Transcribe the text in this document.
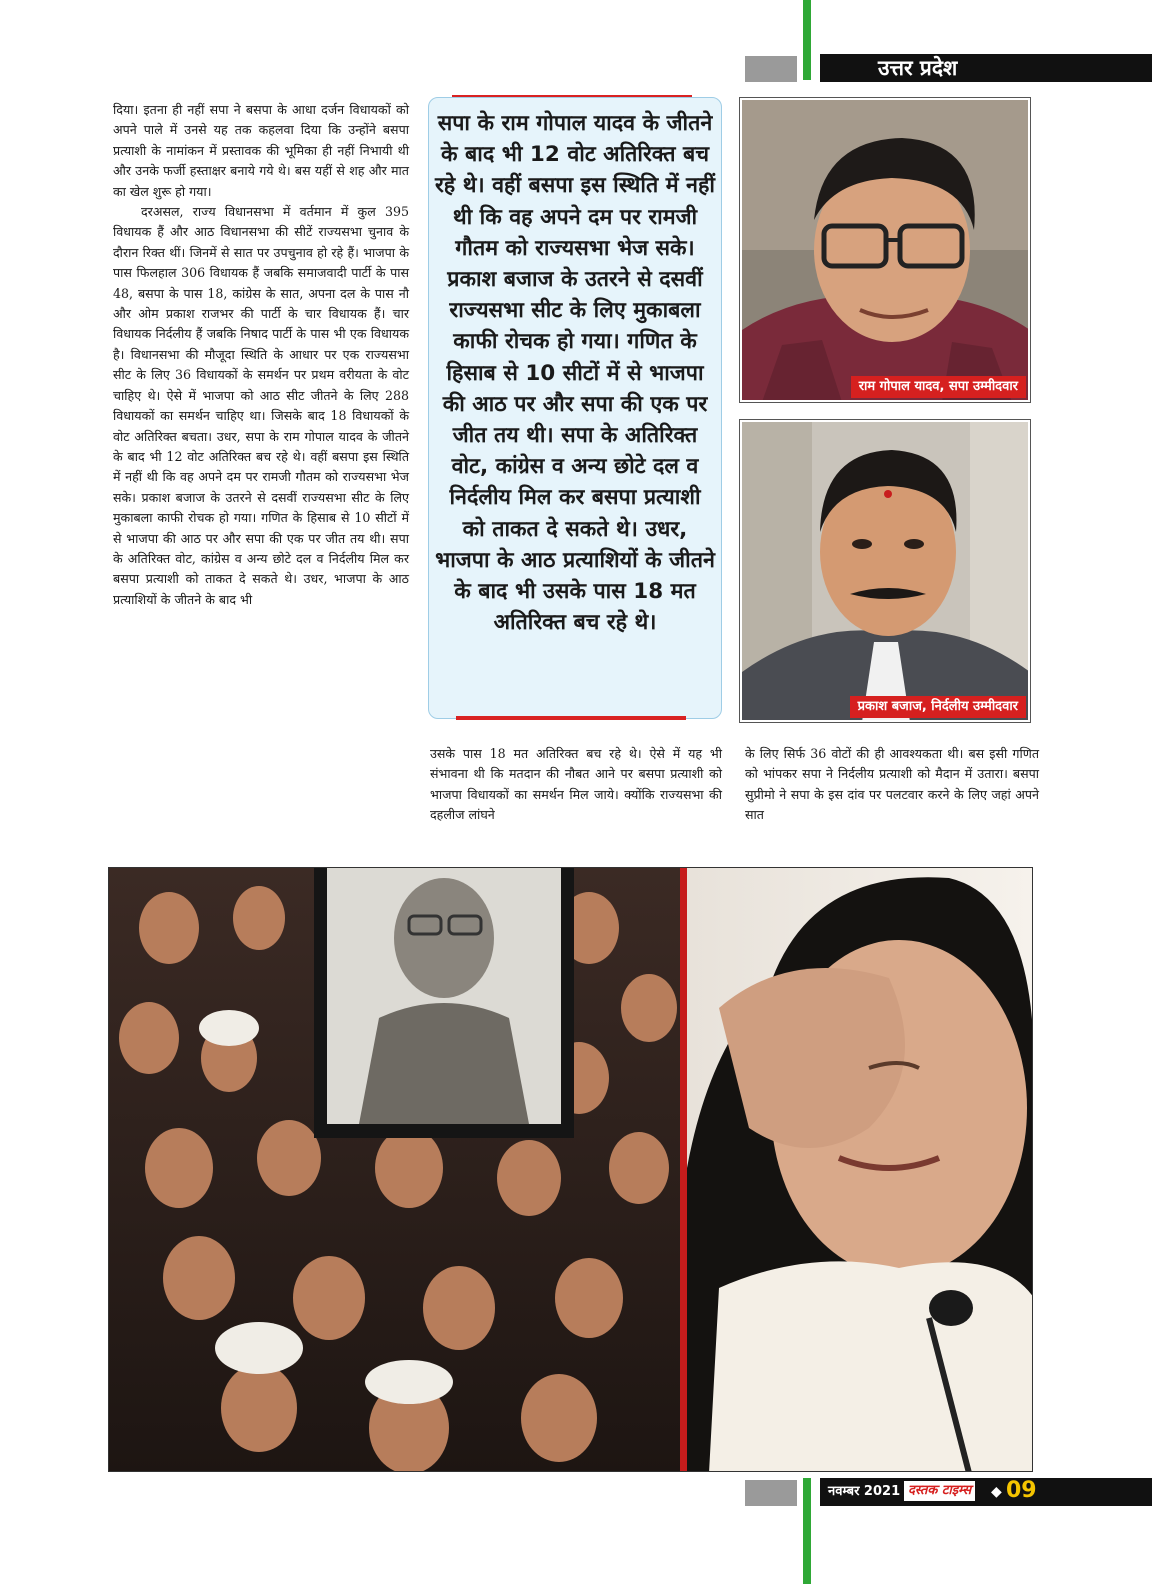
उत्तर प्रदेश

दिया। इतना ही नहीं सपा ने बसपा के आधा दर्जन विधायकों को अपने पाले में उनसे यह तक कहलवा दिया कि उन्होंने बसपा प्रत्याशी के नामांकन में प्रस्तावक की भूमिका ही नहीं निभायी थी और उनके फर्जी हस्ताक्षर बनाये गये थे। बस यहीं से शह और मात का खेल शुरू हो गया।

दरअसल, राज्य विधानसभा में वर्तमान में कुल 395 विधायक हैं और आठ विधानसभा की सीटें राज्यसभा चुनाव के दौरान रिक्त थीं। जिनमें से सात पर उपचुनाव हो रहे हैं। भाजपा के पास फिलहाल 306 विधायक हैं जबकि समाजवादी पार्टी के पास 48, बसपा के पास 18, कांग्रेस के सात, अपना दल के पास नौ और ओम प्रकाश राजभर की पार्टी के चार विधायक हैं। चार विधायक निर्दलीय हैं जबकि निषाद पार्टी के पास भी एक विधायक है। विधानसभा की मौजूदा स्थिति के आधार पर एक राज्यसभा सीट के लिए 36 विधायकों के समर्थन पर प्रथम वरीयता के वोट चाहिए थे। ऐसे में भाजपा को आठ सीट जीतने के लिए 288 विधायकों का समर्थन चाहिए था। जिसके बाद 18 विधायकों के वोट अतिरिक्त बचता। उधर, सपा के राम गोपाल यादव के जीतने के बाद भी 12 वोट अतिरिक्त बच रहे थे। वहीं बसपा इस स्थिति में नहीं थी कि वह अपने दम पर रामजी गौतम को राज्यसभा भेज सके। प्रकाश बजाज के उतरने से दसवीं राज्यसभा सीट के लिए मुकाबला काफी रोचक हो गया। गणित के हिसाब से 10 सीटों में से भाजपा की आठ पर और सपा की एक पर जीत तय थी। सपा के अतिरिक्त वोट, कांग्रेस व अन्य छोटे दल व निर्दलीय मिल कर बसपा प्रत्याशी को ताकत दे सकते थे। उधर, भाजपा के आठ प्रत्याशियों के जीतने के बाद भी

सपा के राम गोपाल यादव के जीतने के बाद भी 12 वोट अतिरिक्त बच रहे थे। वहीं बसपा इस स्थिति में नहीं थी कि वह अपने दम पर रामजी गौतम को राज्यसभा भेज सके। प्रकाश बजाज के उतरने से दसवीं राज्यसभा सीट के लिए मुकाबला काफी रोचक हो गया। गणित के हिसाब से 10 सीटों में से भाजपा की आठ पर और सपा की एक पर जीत तय थी। सपा के अतिरिक्त वोट, कांग्रेस व अन्य छोटे दल व निर्दलीय मिल कर बसपा प्रत्याशी को ताकत दे सकते थे। उधर, भाजपा के आठ प्रत्याशियों के जीतने के बाद भी उसके पास 18 मत अतिरिक्त बच रहे थे।

राम गोपाल यादव, सपा उम्मीदवार
प्रकाश बजाज, निर्दलीय उम्मीदवार

उसके पास 18 मत अतिरिक्त बच रहे थे। ऐसे में यह भी संभावना थी कि मतदान की नौबत आने पर बसपा प्रत्याशी को भाजपा विधायकों का समर्थन मिल जाये। क्योंकि राज्यसभा की दहलीज लांघने

के लिए सिर्फ 36 वोटों की ही आवश्यकता थी। बस इसी गणित को भांपकर सपा ने निर्दलीय प्रत्याशी को मैदान में उतारा। बसपा सुप्रीमो ने सपा के इस दांव पर पलटवार करने के लिए जहां अपने सात

नवम्बर 2021 दस्तक टाइम्स ◆ 09
